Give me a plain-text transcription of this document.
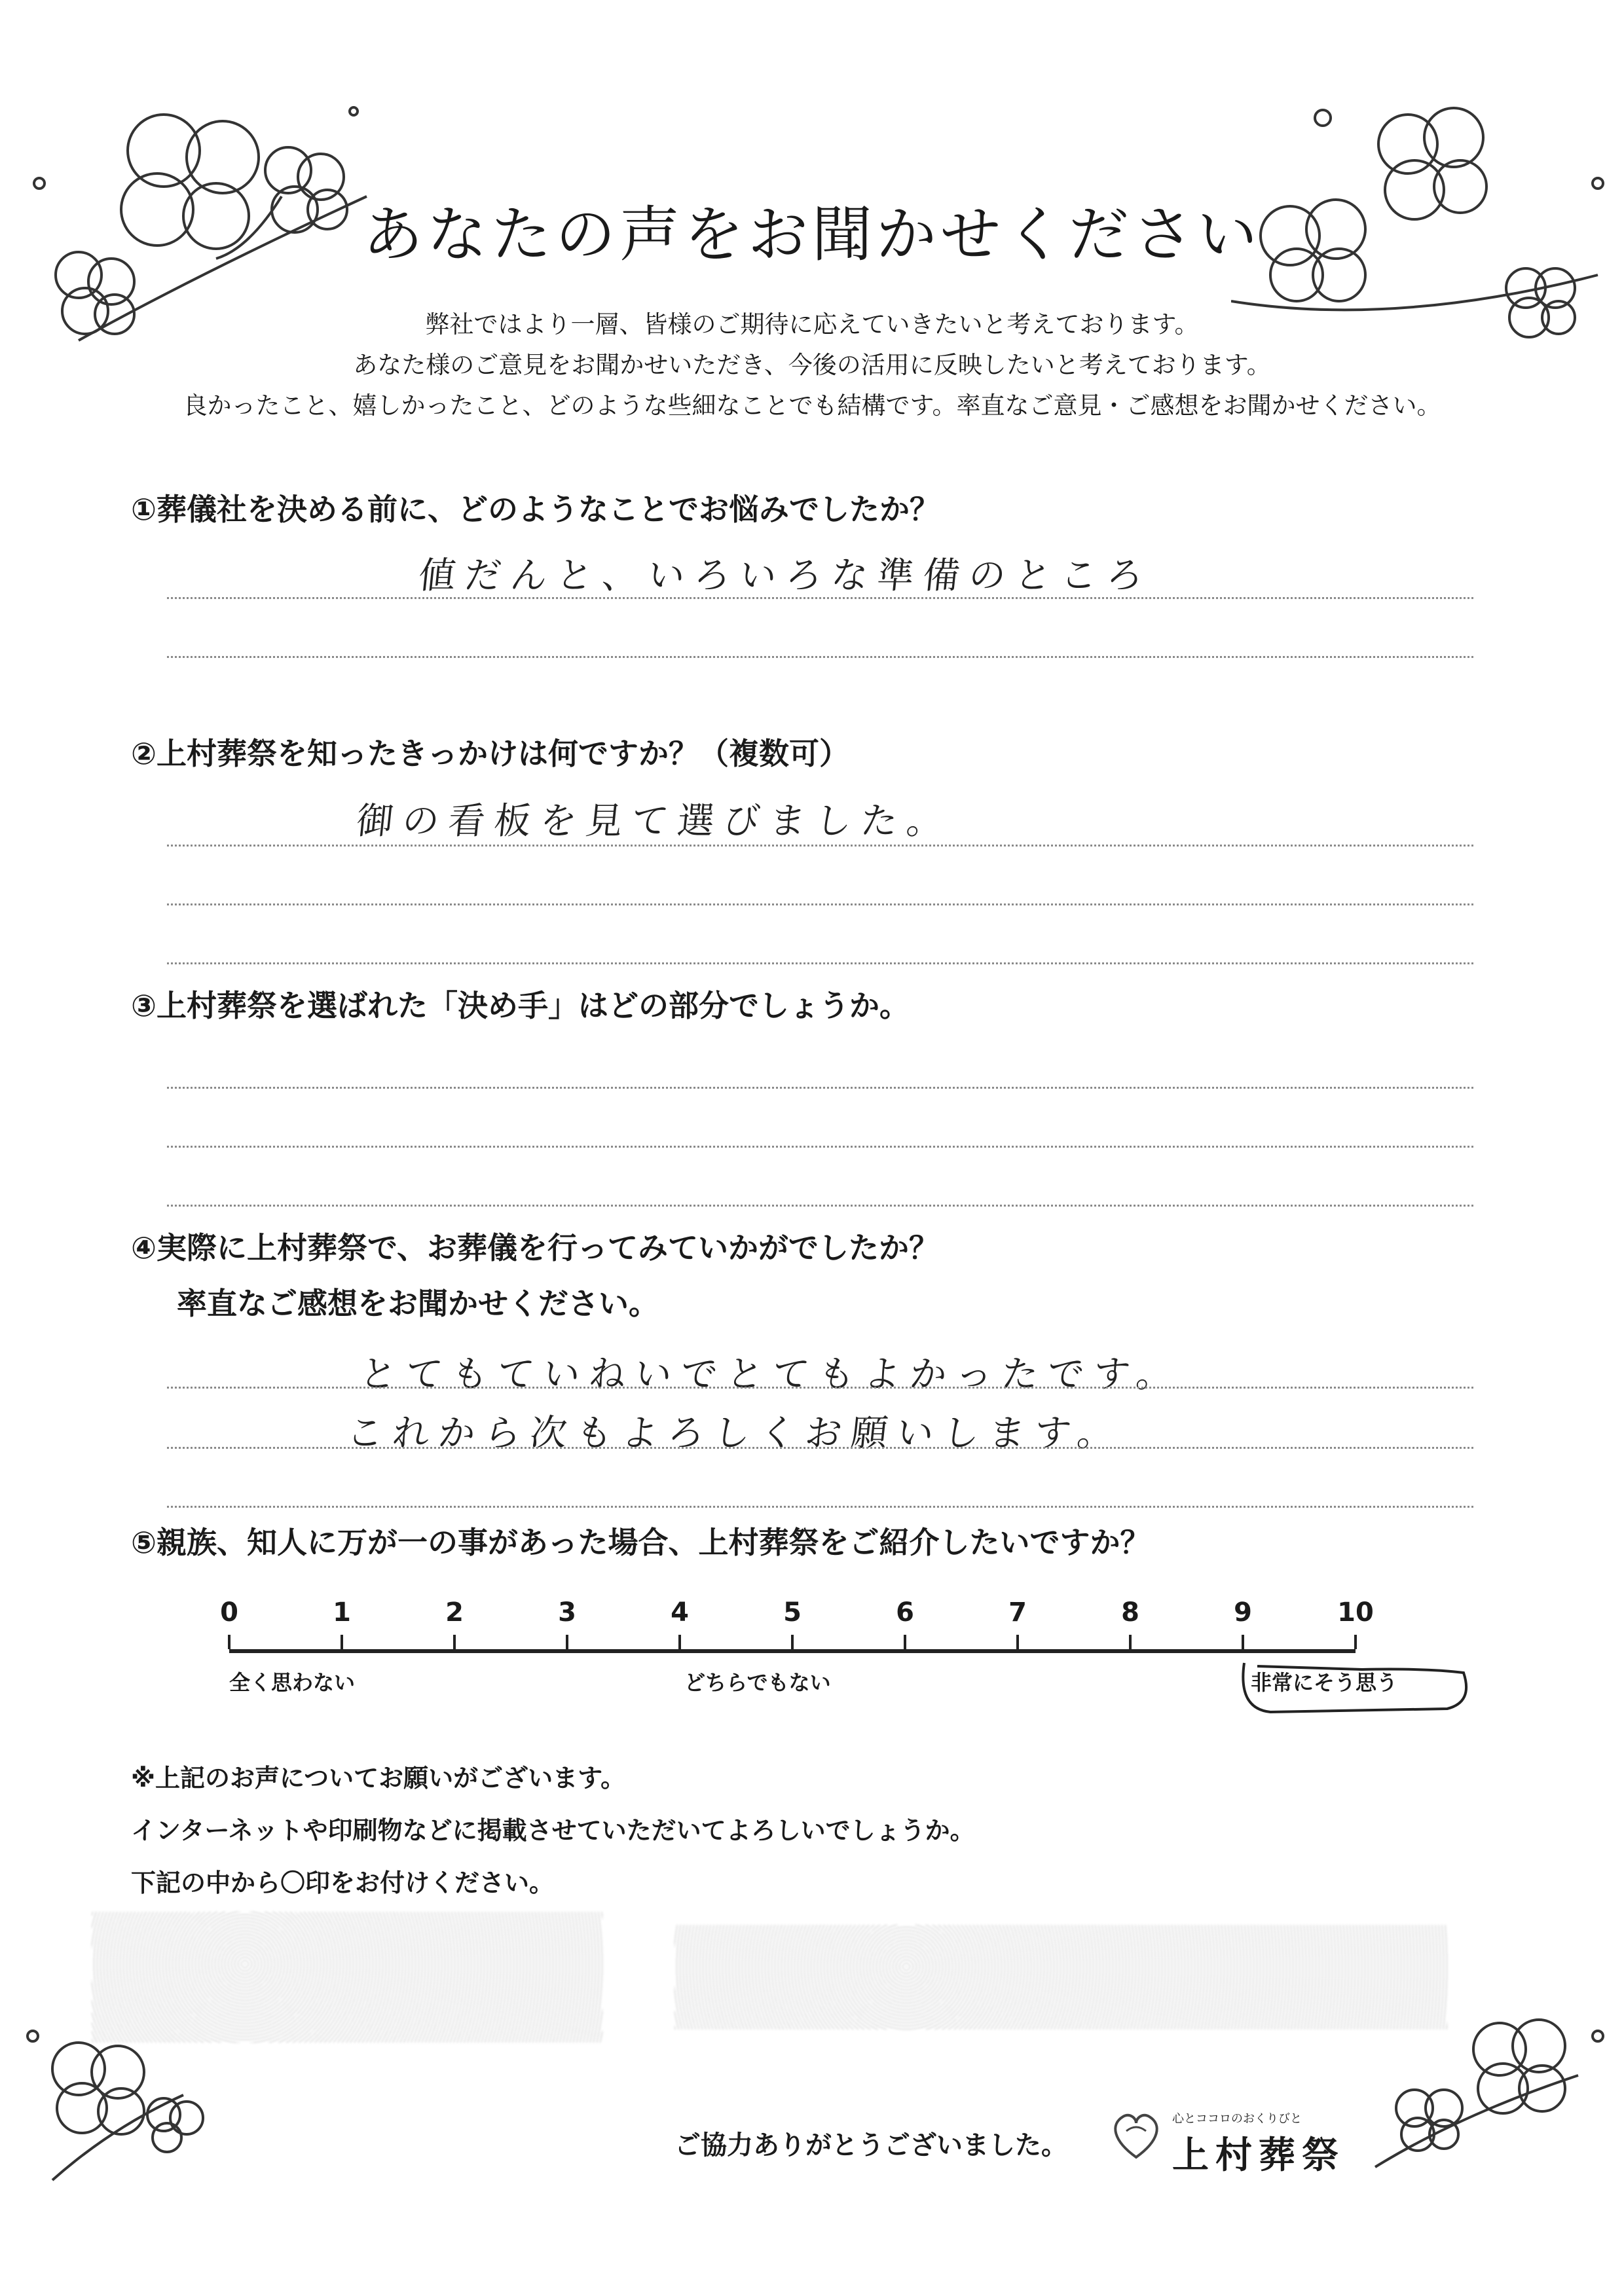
あなたの声をお聞かせください
弊社ではより一層、皆様のご期待に応えていきたいと考えております。
あなた様のご意見をお聞かせいただき、今後の活用に反映したいと考えております。
良かったこと、嬉しかったこと、どのような些細なことでも結構です。率直なご意見・ご感想をお聞かせください。
①葬儀社を決める前に、どのようなことでお悩みでしたか？
値だんと、いろいろな準備のところ
②上村葬祭を知ったきっかけは何ですか？（複数可）
御の看板を見て選びました。
③上村葬祭を選ばれた「決め手」はどの部分でしょうか。
④実際に上村葬祭で、お葬儀を行ってみていかがでしたか？
率直なご感想をお聞かせください。
とてもていねいでとてもよかったです。
これから次もよろしくお願いします。
⑤親族、知人に万が一の事があった場合、上村葬祭をご紹介したいですか？
0	1	2	3	4	5	6	7	8	9	10
全く思わない	どちらでもない	非常にそう思う
※上記のお声についてお願いがございます。
インターネットや印刷物などに掲載させていただいてよろしいでしょうか。
下記の中から〇印をお付けください。
ご協力ありがとうございました。
心とココロのおくりびと
上村葬祭
